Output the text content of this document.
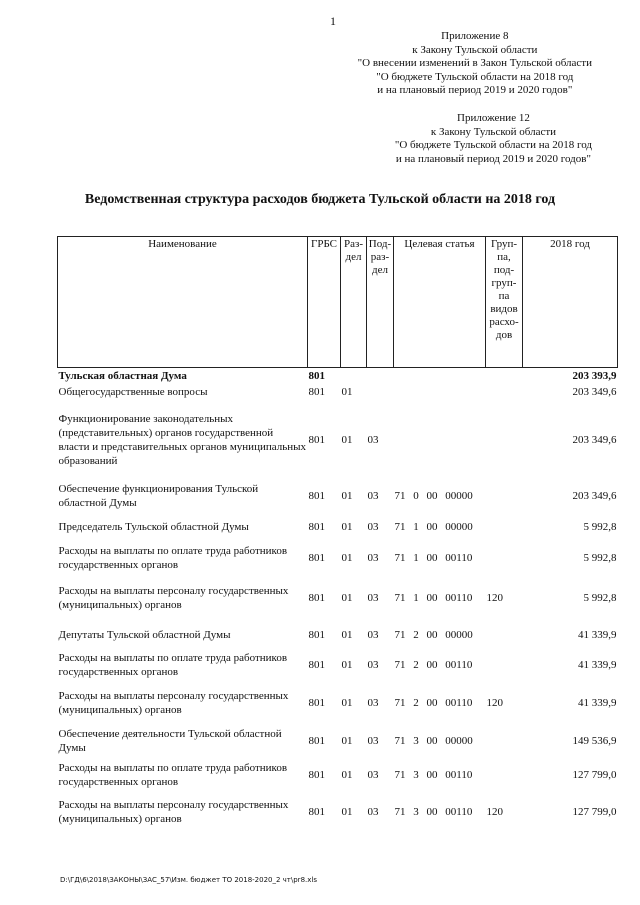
1
Приложение 8
к Закону Тульской области
"О внесении изменений в Закон Тульской области
"О бюджете Тульской области на 2018 год
и на плановый период 2019 и 2020 годов"
Приложение 12
к Закону Тульской области
"О бюджете Тульской области на 2018 год
и на плановый период 2019 и 2020 годов"
Ведомственная структура расходов бюджета Тульской области на 2018 год
Наименование	ГРБС	Раз-дел	Под-раз-дел	Целевая статья	Груп-па, под-груп-па видов расхо-дов	2018 год
Тульская областная Дума	801					203 393,9
Общегосударственные вопросы	801	01				203 349,6
Функционирование законодательных (представительных) органов государственной власти и представительных органов муниципальных образований	801	01	03			203 349,6
Обеспечение функционирования Тульской областной Думы	801	01	03	71 0 00 00000		203 349,6
Председатель Тульской областной Думы	801	01	03	71 1 00 00000		5 992,8
Расходы на выплаты по оплате труда работников государственных органов	801	01	03	71 1 00 00110		5 992,8
Расходы на выплаты персоналу государственных (муниципальных) органов	801	01	03	71 1 00 00110	120	5 992,8
Депутаты Тульской областной Думы	801	01	03	71 2 00 00000		41 339,9
Расходы на выплаты по оплате труда работников государственных органов	801	01	03	71 2 00 00110		41 339,9
Расходы на выплаты персоналу государственных (муниципальных) органов	801	01	03	71 2 00 00110	120	41 339,9
Обеспечение деятельности Тульской областной Думы	801	01	03	71 3 00 00000		149 536,9
Расходы на выплаты по оплате труда работников государственных органов	801	01	03	71 3 00 00110		127 799,0
Расходы на выплаты персоналу государственных (муниципальных) органов	801	01	03	71 3 00 00110	120	127 799,0
D:\ГД\6\2018\ЗАКОНЫ\ЗАС_57\Изм. бюджет ТО 2018-2020_2 чт\pr8.xls
